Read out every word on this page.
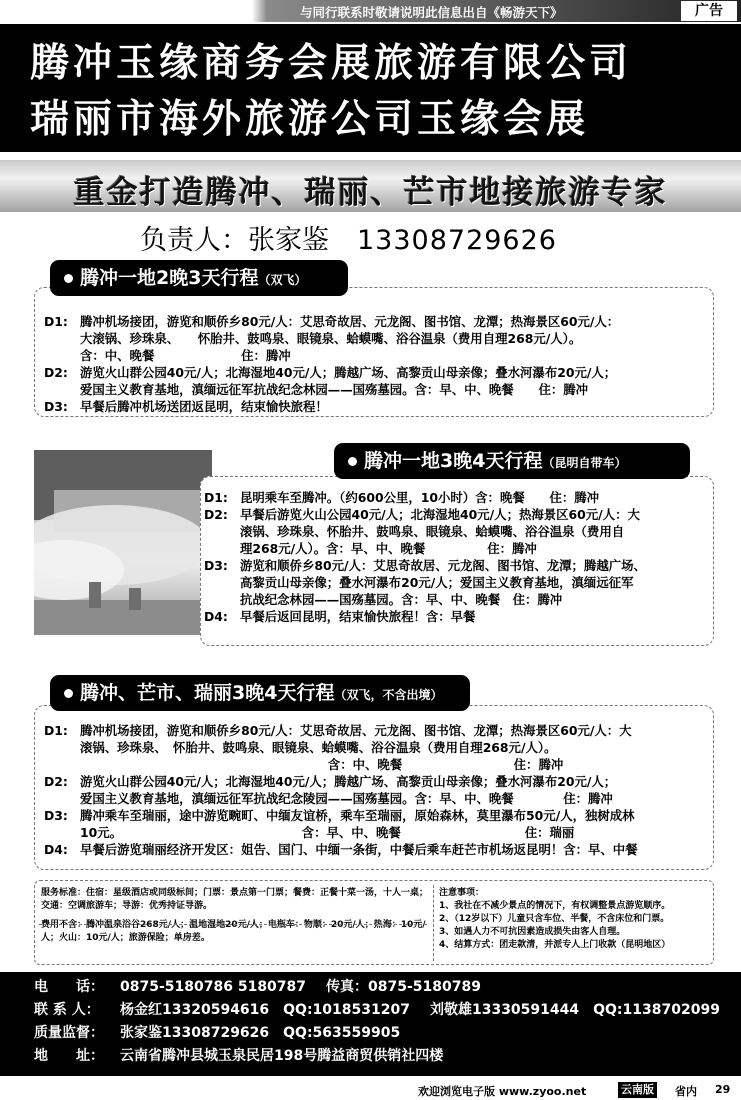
与同行联系时敬请说明此信息出自《畅游天下》	广告
腾冲玉缘商务会展旅游有限公司
瑞丽市海外旅游公司玉缘会展
重金打造腾冲、瑞丽、芒市地接旅游专家
负责人：张家鉴 13308729626
腾冲一地2晚3天行程（双飞）
D1: 腾冲机场接团，游览和顺侨乡80元/人：艾思奇故居、元龙阁、图书馆、龙潭；热海景区60元/人：
大滚锅、珍珠泉、　　怀胎井、鼓鸣泉、眼镜泉、蛤蟆嘴、浴谷温泉（费用自理268元/人）。
含：中、晚餐　　　　　　　住：腾冲
D2: 游览火山群公园40元/人；北海湿地40元/人；腾越广场、高黎贡山母亲像；叠水河瀑布20元/人；
爱国主义教育基地，滇缅远征军抗战纪念林园——国殇墓园。含：早、中、晚餐　　住：腾冲
D3: 早餐后腾冲机场送团返昆明，结束愉快旅程！
腾冲一地3晚4天行程（昆明自带车）
D1: 昆明乘车至腾冲。（约600公里，10小时）含：晚餐　　住：腾冲
D2: 早餐后游览火山公园40元/人；北海湿地40元/人；热海景区60元/人：大
滚锅、珍珠泉、怀胎井、鼓鸣泉、眼镜泉、蛤蟆嘴、浴谷温泉（费用自
理268元/人）。含：早、中、晚餐　　　　　住：腾冲
D3: 游览和顺侨乡80元/人：艾思奇故居、元龙阁、图书馆、龙潭；腾越广场、
高黎贡山母亲像；叠水河瀑布20元/人；爱国主义教育基地，滇缅远征军
抗战纪念林园——国殇墓园。含：早、中、晚餐　住：腾冲
D4: 早餐后返回昆明，结束愉快旅程！含：早餐
腾冲、芒市、瑞丽3晚4天行程（双飞，不含出境）
D1: 腾冲机场接团，游览和顺侨乡80元/人：艾思奇故居、元龙阁、图书馆、龙潭；热海景区60元/人：大
滚锅、珍珠泉、　怀胎井、鼓鸣泉、眼镜泉、蛤蟆嘴、浴谷温泉（费用自理268元/人）。
　　　　　　　　　　　　　　　　　　　　含：中、晚餐　　　　　　　　　住：腾冲
D2: 游览火山群公园40元/人；北海湿地40元/人；腾越广场、高黎贡山母亲像；叠水河瀑布20元/人；
爱国主义教育基地，滇缅远征军抗战纪念陵园——国殇墓园。含：早、中、晚餐　　　　住：腾冲
D3: 腾冲乘车至瑞丽，途中游览畹町、中缅友谊桥，乘车至瑞丽，原始森林，莫里瀑布50元/人，独树成林
10元。　　　　　　　　　　　　　　　含：早、中、晚餐　　　　　　　　　　住：瑞丽
D4: 早餐后游览瑞丽经济开发区：姐告、国门、中缅一条街，中餐后乘车赶芒市机场返昆明！含：早、中餐
服务标准：住宿：星级酒店或同级标间；门票：景点第一门票；餐费：正餐十菜一汤，十人一桌；交通：空调旅游车；导游：优秀持证导游。
费用不含：腾冲温泉浴谷268元/人；温地湿地20元/人；电瓶车：物顺：20元/人；热海：10元/人；火山：10元/人；旅游保险；单房差。
注意事项：
1、我社在不减少景点的情况下，有权调整景点游览顺序。
2、（12岁以下）儿童只含车位、半餐，不含床位和门票。
3、如遇人力不可抗因素造成损失由客人自理。
4、结算方式：团走款清，并派专人上门收款（昆明地区）
电　　话： 0875-5180786 5180787 传真：0875-5180789
联 系 人： 杨金红13320594616　QQ:1018531207 刘敬雄13330591444　QQ:1138702099
质量监督： 张家鉴13308729626　QQ:563559905
地　　址： 云南省腾冲县城玉泉民居198号腾益商贸供销社四楼
欢迎浏览电子版 www.zyoo.net	云南版 省内 29
